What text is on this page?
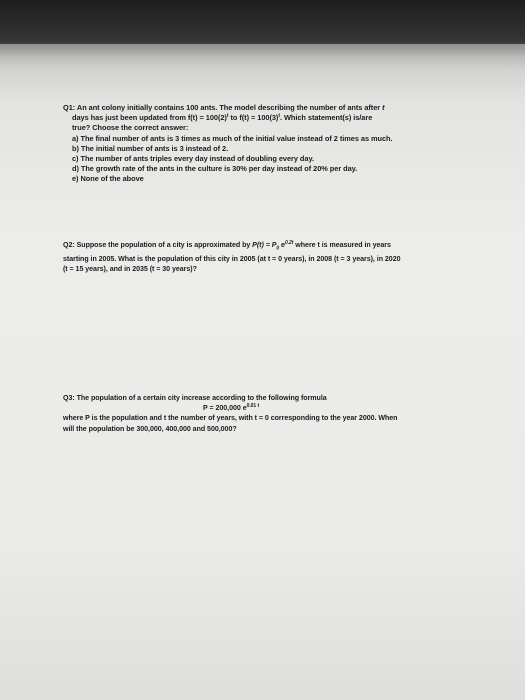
Q1: An ant colony initially contains 100 ants. The model describing the number of ants after t
days has just been updated from $f(t) = 100(2)^t$ to $f(t) = 100(3)^t$. Which statement(s) is/are
true? Choose the correct answer:
a) The final number of ants is 3 times as much of the initial value instead of 2 times as much.
b) The initial number of ants is 3 instead of 2.
c) The number of ants triples every day instead of doubling every day.
d) The growth rate of the ants in the culture is 30% per day instead of 20% per day.
e) None of the above
Q2: Suppose the population of a city is approximated by $P(t) = P_0$ $e^{0.2t}$ where t is measured in years
starting in 2005. What is the population of this city in 2005 (at t = 0 years), in 2008 (t = 3 years), in 2020
(t = 15 years), and in 2035 (t = 30 years)?
Q3: The population of a certain city increase according to the following formula
P = 200,000 $e^{0.01 t}$
where P is the population and t the number of years, with t = 0 corresponding to the year 2000. When
will the population be 300,000, 400,000 and 500,000?
